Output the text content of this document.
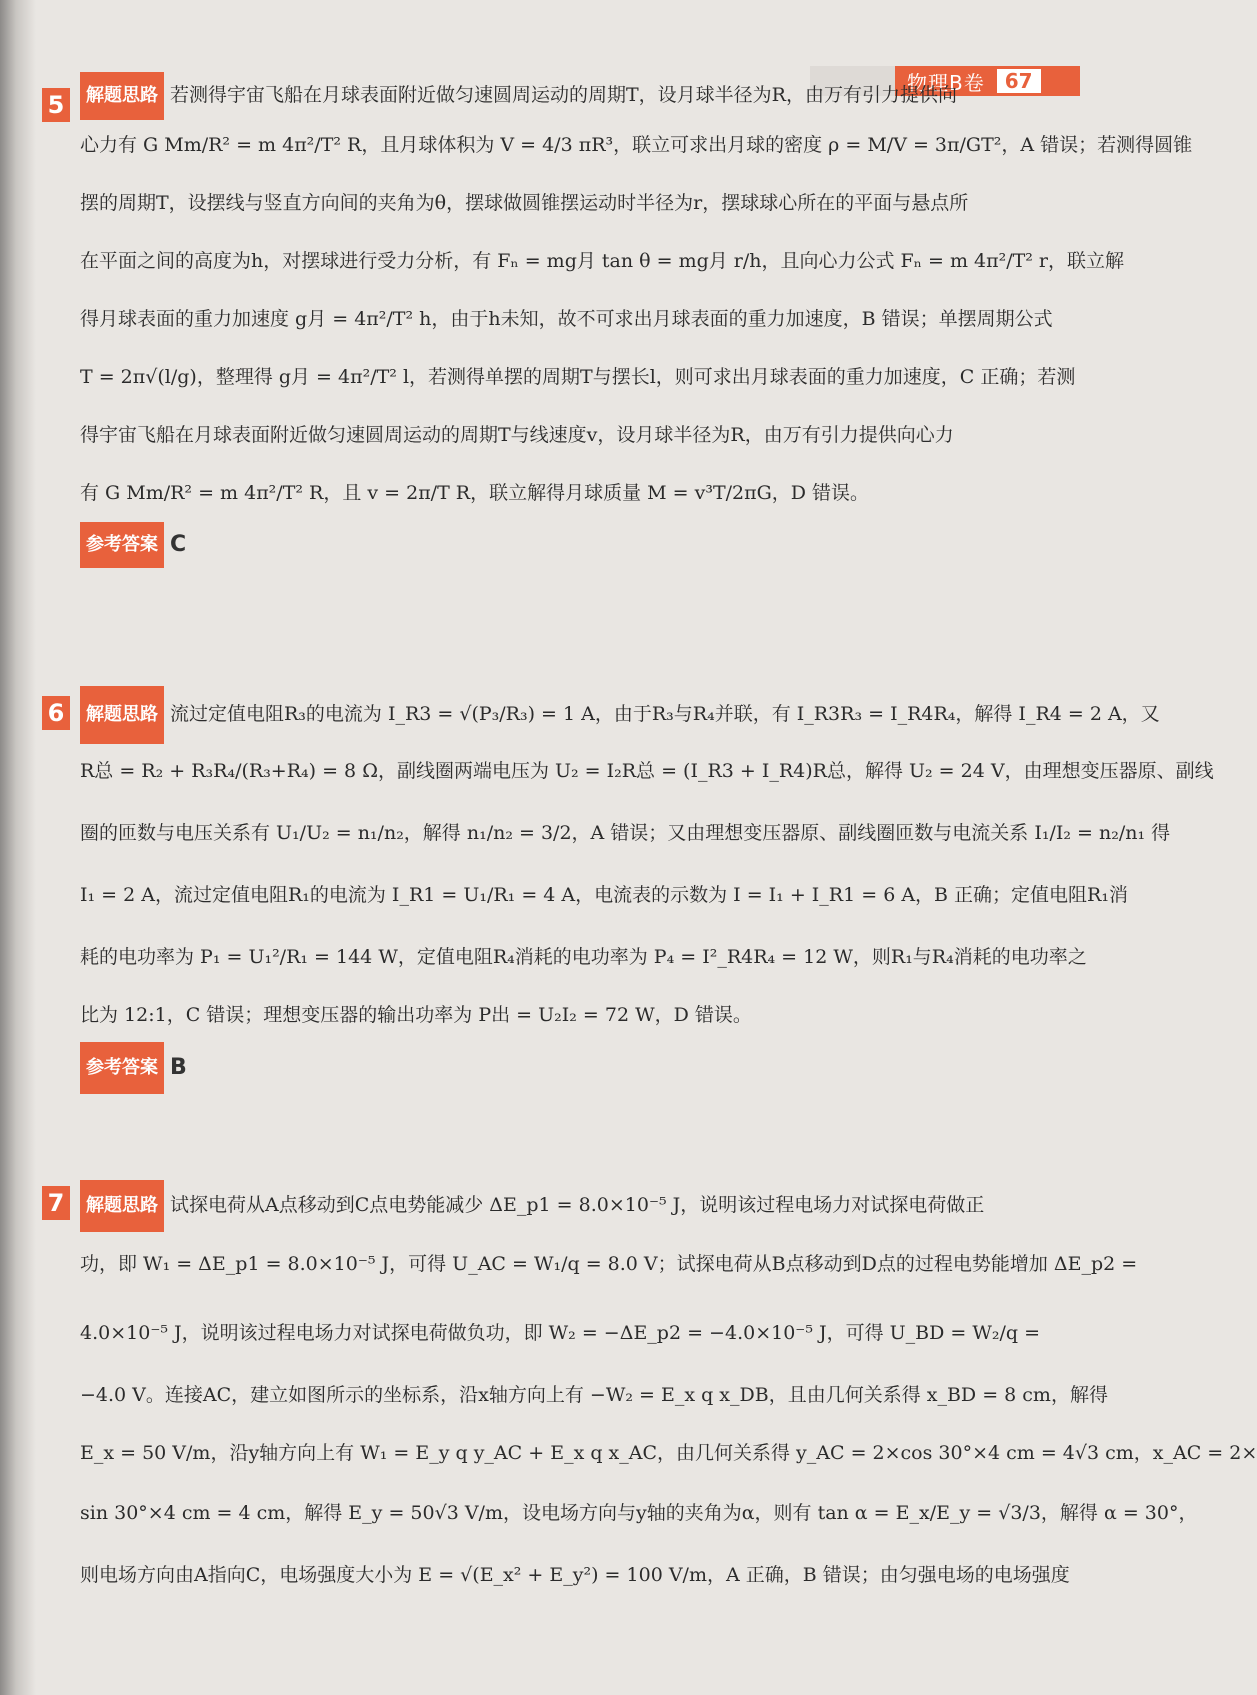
物理B卷	67
5	解题思路 若测得宇宙飞船在月球表面附近做匀速圆周运动的周期T，设月球半径为R，由万有引力提供向
心力有 G Mm/R² = m 4π²/T² R，且月球体积为 V = 4/3 πR³，联立可求出月球的密度 ρ = M/V = 3π/GT²，A 错误；若测得圆锥
摆的周期T，设摆线与竖直方向间的夹角为θ，摆球做圆锥摆运动时半径为r，摆球球心所在的平面与悬点所
在平面之间的高度为h，对摆球进行受力分析，有 Fₙ = mg月 tan θ = mg月 r/h，且向心力公式 Fₙ = m 4π²/T² r，联立解
得月球表面的重力加速度 g月 = 4π²/T² h，由于h未知，故不可求出月球表面的重力加速度，B 错误；单摆周期公式
T = 2π√(l/g)，整理得 g月 = 4π²/T² l，若测得单摆的周期T与摆长l，则可求出月球表面的重力加速度，C 正确；若测
得宇宙飞船在月球表面附近做匀速圆周运动的周期T与线速度v，设月球半径为R，由万有引力提供向心力
有 G Mm/R² = m 4π²/T² R，且 v = 2π/T R，联立解得月球质量 M = v³T/2πG，D 错误。
参考答案 C
6	解题思路 流过定值电阻R₃的电流为 I_R3 = √(P₃/R₃) = 1 A，由于R₃与R₄并联，有 I_R3R₃ = I_R4R₄，解得 I_R4 = 2 A，又
R总 = R₂ + R₃R₄/(R₃+R₄) = 8 Ω，副线圈两端电压为 U₂ = I₂R总 = (I_R3 + I_R4)R总，解得 U₂ = 24 V，由理想变压器原、副线
圈的匝数与电压关系有 U₁/U₂ = n₁/n₂，解得 n₁/n₂ = 3/2，A 错误；又由理想变压器原、副线圈匝数与电流关系 I₁/I₂ = n₂/n₁ 得
I₁ = 2 A，流过定值电阻R₁的电流为 I_R1 = U₁/R₁ = 4 A，电流表的示数为 I = I₁ + I_R1 = 6 A，B 正确；定值电阻R₁消
耗的电功率为 P₁ = U₁²/R₁ = 144 W，定值电阻R₄消耗的电功率为 P₄ = I²_R4R₄ = 12 W，则R₁与R₄消耗的电功率之
比为 12:1，C 错误；理想变压器的输出功率为 P出 = U₂I₂ = 72 W，D 错误。
参考答案 B
7	解题思路 试探电荷从A点移动到C点电势能减少 ΔE_p1 = 8.0×10⁻⁵ J，说明该过程电场力对试探电荷做正
功，即 W₁ = ΔE_p1 = 8.0×10⁻⁵ J，可得 U_AC = W₁/q = 8.0 V；试探电荷从B点移动到D点的过程电势能增加 ΔE_p2 =
4.0×10⁻⁵ J，说明该过程电场力对试探电荷做负功，即 W₂ = −ΔE_p2 = −4.0×10⁻⁵ J，可得 U_BD = W₂/q =
−4.0 V。连接AC，建立如图所示的坐标系，沿x轴方向上有 −W₂ = E_x q x_DB，且由几何关系得 x_BD = 8 cm，解得
E_x = 50 V/m，沿y轴方向上有 W₁ = E_y q y_AC + E_x q x_AC，由几何关系得 y_AC = 2×cos 30°×4 cm = 4√3 cm，x_AC = 2×
sin 30°×4 cm = 4 cm，解得 E_y = 50√3 V/m，设电场方向与y轴的夹角为α，则有 tan α = E_x/E_y = √3/3，解得 α = 30°，
则电场方向由A指向C，电场强度大小为 E = √(E_x² + E_y²) = 100 V/m，A 正确，B 错误；由匀强电场的电场强度
